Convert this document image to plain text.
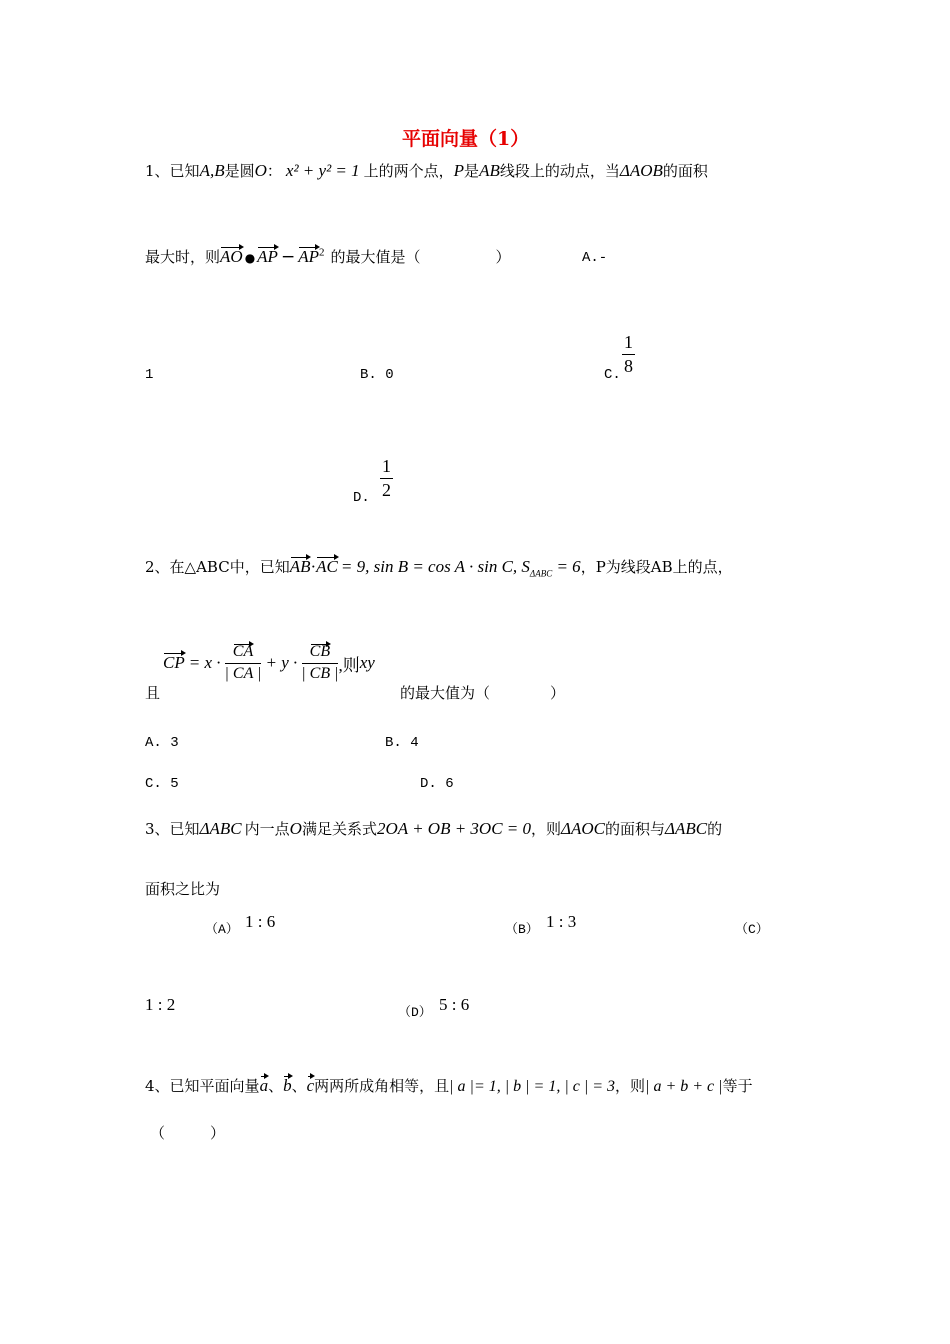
平面向量（1）
1、已知A,B是圆O： x² + y² = 1 上的两个点，P是AB线段上的动点，当ΔAOB的面积
最大时，则AO ● AP − $AP^2$ 的最大值是（　　　　　）	A.-
1	B. 0	C.
1
8
D.
1
2
2、在△ABC中，已知AB·AC = 9, sin B = cos A · sin C, $S_{\Delta ABC} = 6$，P为线段AB上的点，
CP = $x \cdot \frac{CA}{| CA |} + y \cdot \frac{CB}{| CB |}$ ,则 xy
且	的最大值为（　　　　）
A. 3	B. 4
C. 5	D. 6
3、已知ΔABC 内一点O满足关系式2OA + OB + 3OC = 0，则ΔAOC的面积与ΔABC的
面积之比为
（A） 1 : 6	（B） 1 : 3	（C）
1 : 2	（D） 5 : 6
4、已知平面向量a、b、c两两所成角相等，且| a |= 1, | b | = 1, | c | = 3，则| a + b + c |等于
（　　　）
